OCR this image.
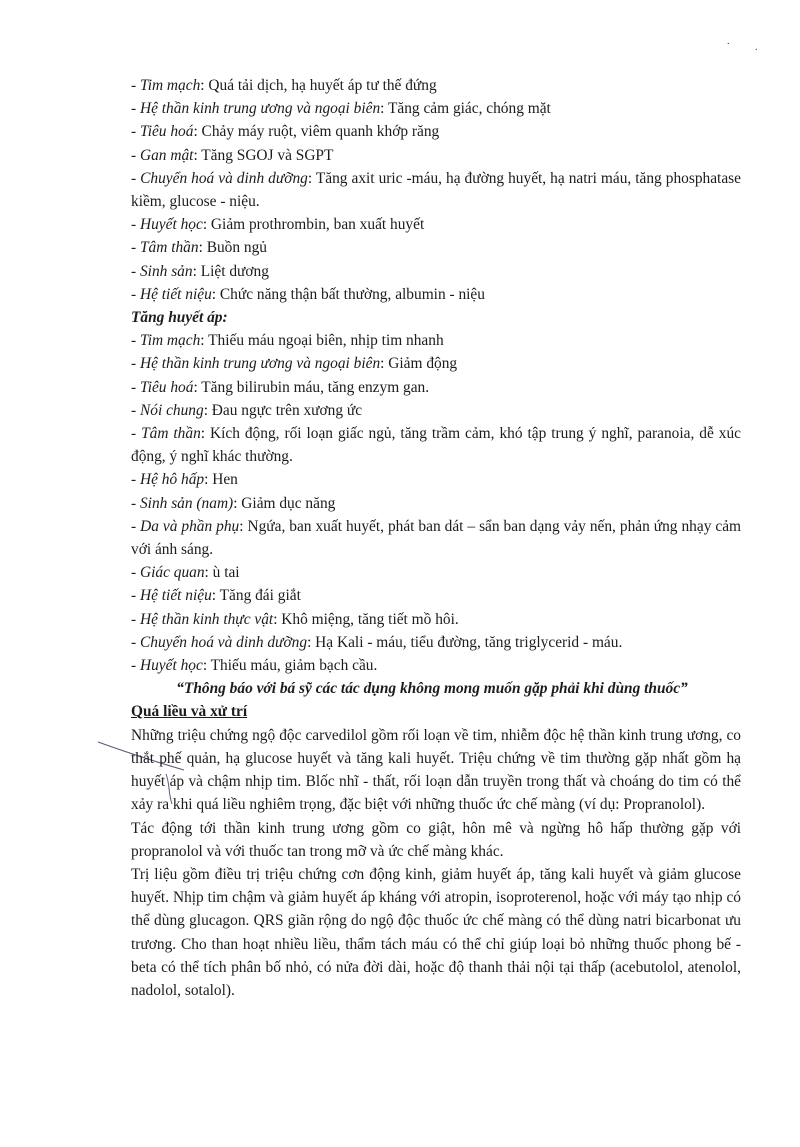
.
.
- Tim mạch: Quá tải dịch, hạ huyết áp tư thế đứng
- Hệ thần kinh trung ương và ngoại biên: Tăng cảm giác, chóng mặt
- Tiêu hoá: Chảy máy ruột, viêm quanh khớp răng
- Gan mật: Tăng SGOJ và SGPT
- Chuyển hoá và dinh dưỡng: Tăng axit uric -máu, hạ đường huyết, hạ natri máu, tăng phosphatase kiềm, glucose - niệu.
- Huyết học: Giảm prothrombin, ban xuất huyết
- Tâm thần: Buồn ngủ
- Sinh sản: Liệt dương
- Hệ tiết niệu: Chức năng thận bất thường, albumin - niệu
Tăng huyết áp:
- Tim mạch: Thiếu máu ngoại biên, nhịp tim nhanh
- Hệ thần kinh trung ương và ngoại biên: Giảm động
- Tiêu hoá: Tăng bilirubin máu, tăng enzym gan.
- Nói chung: Đau ngực trên xương ức
- Tâm thần: Kích động, rối loạn giấc ngủ, tăng trầm cảm, khó tập trung ý nghĩ, paranoia, dễ xúc động, ý nghĩ khác thường.
- Hệ hô hấp: Hen
- Sinh sản (nam): Giảm dục năng
- Da và phần phụ: Ngứa, ban xuất huyết, phát ban dát – sẩn ban dạng vảy nến, phản ứng nhạy cảm với ánh sáng.
- Giác quan: ù tai
- Hệ tiết niệu: Tăng đái giắt
- Hệ thần kinh thực vật: Khô miệng, tăng tiết mồ hôi.
- Chuyển hoá và dinh dưỡng: Hạ Kali - máu, tiểu đường, tăng triglycerid - máu.
- Huyết học: Thiếu máu, giảm bạch cầu.
“Thông báo với bá sỹ các tác dụng không mong muốn gặp phải khi dùng thuốc”
Quá liều và xử trí
Những triệu chứng ngộ độc carvedilol gồm rối loạn về tim, nhiễm độc hệ thần kinh trung ương, co thắt phế quản, hạ glucose huyết và tăng kali huyết. Triệu chứng về tim thường gặp nhất gồm hạ huyết áp và chậm nhịp tim. Blốc nhĩ - thất, rối loạn dẫn truyền trong thất và choáng do tim có thể xảy ra khi quá liều nghiêm trọng, đặc biệt với những thuốc ức chế màng (ví dụ: Propranolol).
Tác động tới thần kinh trung ương gồm co giật, hôn mê và ngừng hô hấp thường gặp với propranolol và với thuốc tan trong mỡ và ức chế màng khác.
Trị liệu gồm điều trị triệu chứng cơn động kinh, giảm huyết áp, tăng kali huyết và giảm glucose huyết. Nhịp tim chậm và giảm huyết áp kháng với atropin, isoproterenol, hoặc với máy tạo nhịp có thể dùng glucagon. QRS giãn rộng do ngộ độc thuốc ức chế màng có thể dùng natri bicarbonat ưu trương. Cho than hoạt nhiều liều, thẩm tách máu có thể chỉ giúp loại bỏ những thuốc phong bế - beta có thể tích phân bố nhỏ, có nửa đời dài, hoặc độ thanh thải nội tại thấp (acebutolol, atenolol, nadolol, sotalol).
